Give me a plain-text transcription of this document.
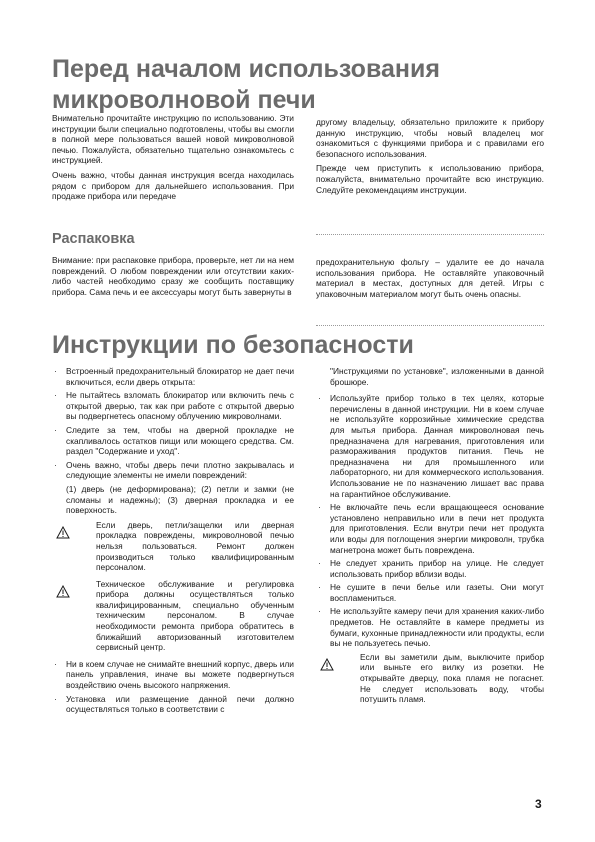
Перед началом использования
микроволновой печи

Внимательно прочитайте инструкцию по использованию. Эти инструкции были специально подготовлены, чтобы вы смогли в полной мере пользоваться вашей новой микроволновой печью. Пожалуйста, обязательно тщательно ознакомьтесь с инструкцией.

Очень важно, чтобы данная инструкция всегда находилась рядом с прибором для дальнейшего использования. При продаже прибора или передаче

другому владельцу, обязательно приложите к прибору данную инструкцию, чтобы новый владелец мог ознакомиться с функциями прибора и с правилами его безопасного использования.

Прежде чем приступить к использованию прибора, пожалуйста, внимательно прочитайте всю инструкцию. Следуйте рекомендациям инструкции.

Распаковка

Внимание: при распаковке прибора, проверьте, нет ли на нем повреждений. О любом повреждении или отсутствии каких-либо частей необходимо сразу же сообщить поставщику прибора. Сама печь и ее аксессуары могут быть завернуты в

предохранительную фольгу – удалите ее до начала использования прибора. Не оставляйте упаковочный материал в местах, доступных для детей. Игры с упаковочным материалом могут быть очень опасны.

Инструкции по безопасности
· Встроенный предохранительный блокиратор не дает печи включиться, если дверь открыта:
· Не пытайтесь взломать блокиратор или включить печь с открытой дверью, так как при работе с открытой дверью вы подвергнетесь опасному облучению микроволнами.
· Следите за тем, чтобы на дверной прокладке не скапливалось остатков пищи или моющего средства. См. раздел "Содержание и уход".
· Очень важно, чтобы дверь печи плотно закрывалась и следующие элементы не имели повреждений:

(1) дверь (не деформирована); (2) петли и замки (не сломаны и надежны); (3) дверная прокладка и ее поверхность.

Если дверь, петли/защелки или дверная прокладка повреждены, микроволновой печью нельзя пользоваться. Ремонт должен производиться только квалифицированным персоналом.
Техническое обслуживание и регулировка прибора должны осуществляться только квалифицированным, специально обученным техническим персоналом. В случае необходимости ремонта прибора обратитесь в ближайший авторизованный изготовителем сервисный центр.
· Ни в коем случае не снимайте внешний корпус, дверь или панель управления, иначе вы можете подвергнуться воздействию очень высокого напряжения.
· Установка или размещение данной печи должно осуществляться только в соответствии с

"Инструкциями по установке", изложенными в данной брошюре.

· Используйте прибор только в тех целях, которые перечислены в данной инструкции. Ни в коем случае не используйте коррозийные химические средства для мытья прибора. Данная микроволновая печь предназначена для нагревания, приготовления или размораживания продуктов питания. Печь не предназначена ни для промышленного или лабораторного, ни для коммерческого использования. Использование не по назначению лишает вас права на гарантийное обслуживание.
· Не включайте печь если вращающееся основание установлено неправильно или в печи нет продукта для приготовления. Если внутри печи нет продукта или воды для поглощения энергии микроволн, трубка магнетрона может быть повреждена.
· Не следует хранить прибор на улице. Не следует использовать прибор вблизи воды.
· Не сушите в печи белье или газеты. Они могут воспламениться.
· Не используйте камеру печи для хранения каких-либо предметов. Не оставляйте в камере предметы из бумаги, кухонные принадлежности или продукты, если вы не пользуетесь печью.
Если вы заметили дым, выключите прибор или выньте его вилку из розетки. Не открывайте дверцу, пока пламя не погаснет. Не следует использовать воду, чтобы потушить пламя.
3
